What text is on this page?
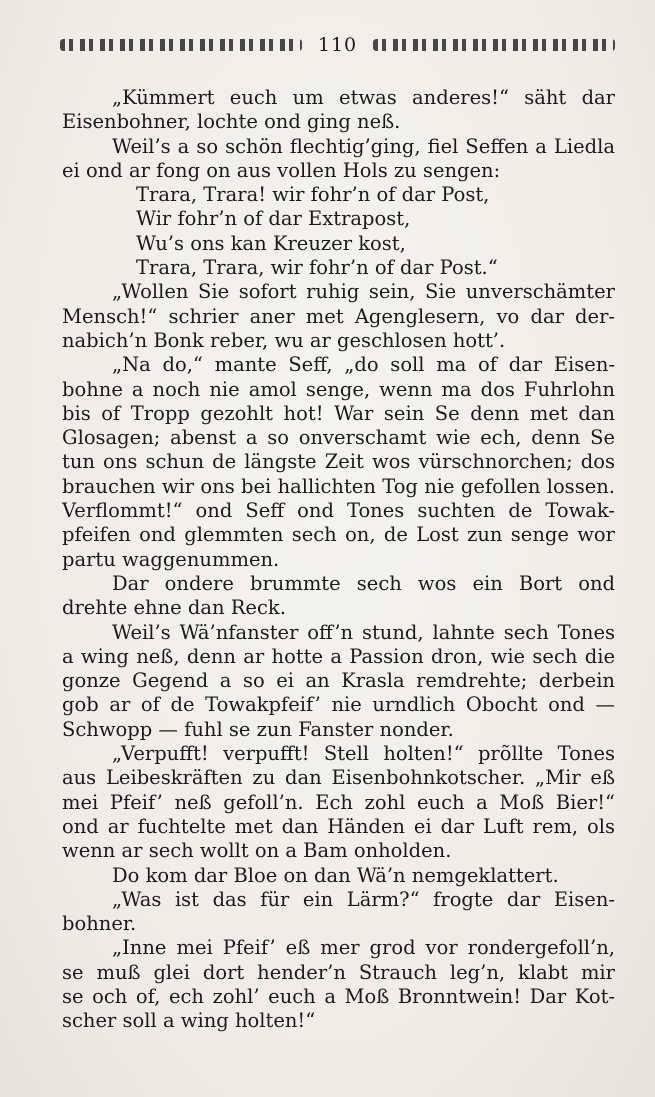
110
„Kümmert euch um etwas anderes!“ säht dar
Eisenbohner, lochte ond ging neß.
Weil’s a so schön flechtig’ging, fiel Seffen a Liedla
ei ond ar fong on aus vollen Hols zu sengen:
Trara, Trara! wir fohr’n of dar Post,
Wir fohr’n of dar Extrapost,
Wu’s ons kan Kreuzer kost,
Trara, Trara, wir fohr’n of dar Post.“
„Wollen Sie sofort ruhig sein, Sie unverschämter
Mensch!“ schrier aner met Agenglesern, vo dar der-
nabich’n Bonk reber, wu ar geschlosen hott’.
„Na do,“ mante Seff, „do soll ma of dar Eisen-
bohne a noch nie amol senge, wenn ma dos Fuhrlohn
bis of Tropp gezohlt hot! War sein Se denn met dan
Glosagen; abenst a so onverschamt wie ech, denn Se
tun ons schun de längste Zeit wos vürschnorchen; dos
brauchen wir ons bei hallichten Tog nie gefollen lossen.
Verflommt!“ ond Seff ond Tones suchten de Towak-
pfeifen ond glemmten sech on, de Lost zun senge wor
partu waggenummen.
Dar ondere brummte sech wos ein Bort ond
drehte ehne dan Reck.
Weil’s Wä’nfanster off’n stund, lahnte sech Tones
a wing neß, denn ar hotte a Passion dron, wie sech die
gonze Gegend a so ei an Krasla remdrehte; derbein
gob ar of de Towakpfeif’ nie urndlich Obocht ond —
Schwopp — fuhl se zun Fanster nonder.
„Verpufft! verpufft! Stell holten!“ prõllte Tones
aus Leibeskräften zu dan Eisenbohnkotscher. „Mir eß
mei Pfeif’ neß gefoll’n. Ech zohl euch a Moß Bier!“
ond ar fuchtelte met dan Händen ei dar Luft rem, ols
wenn ar sech wollt on a Bam onholden.
Do kom dar Bloe on dan Wä’n nemgeklattert.
„Was ist das für ein Lärm?“ frogte dar Eisen-
bohner.
„Inne mei Pfeif’ eß mer grod vor rondergefoll’n,
se muß glei dort hender’n Strauch leg’n, klabt mir
se och of, ech zohl’ euch a Moß Bronntwein! Dar Kot-
scher soll a wing holten!“
